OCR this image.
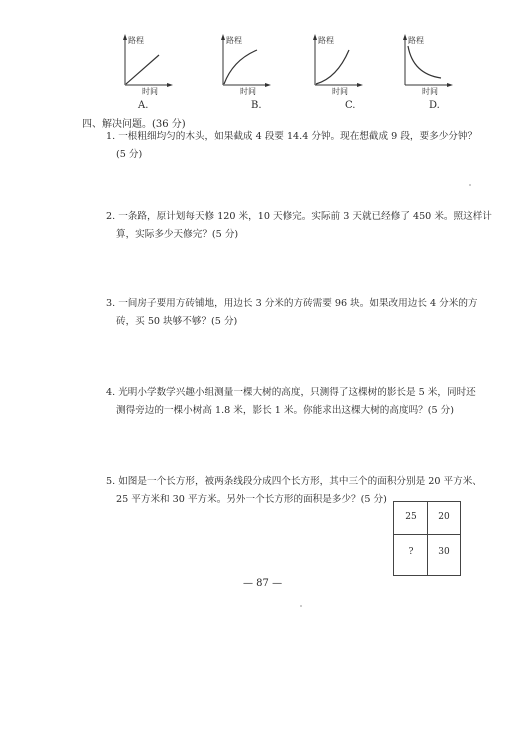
路程
时间
A.
路程
时间
B.
路程
时间
C.
路程
时间
D.
四、解决问题。(36 分)
1. 一根粗细均匀的木头，如果截成 4 段要 14.4 分钟。现在想截成 9 段，要多少分钟？
(5 分)
2. 一条路，原计划每天修 120 米，10 天修完。实际前 3 天就已经修了 450 米。照这样计
算，实际多少天修完？(5 分)
3. 一间房子要用方砖铺地，用边长 3 分米的方砖需要 96 块。如果改用边长 4 分米的方
砖，买 50 块够不够？(5 分)
4. 光明小学数学兴趣小组测量一棵大树的高度，只测得了这棵树的影长是 5 米，同时还
测得旁边的一棵小树高 1.8 米，影长 1 米。你能求出这棵大树的高度吗？(5 分)
5. 如图是一个长方形，被两条线段分成四个长方形，其中三个的面积分别是 20 平方米、
25 平方米和 30 平方米。另外一个长方形的面积是多少？(5 分)
25	20
?	30
— 87 —
